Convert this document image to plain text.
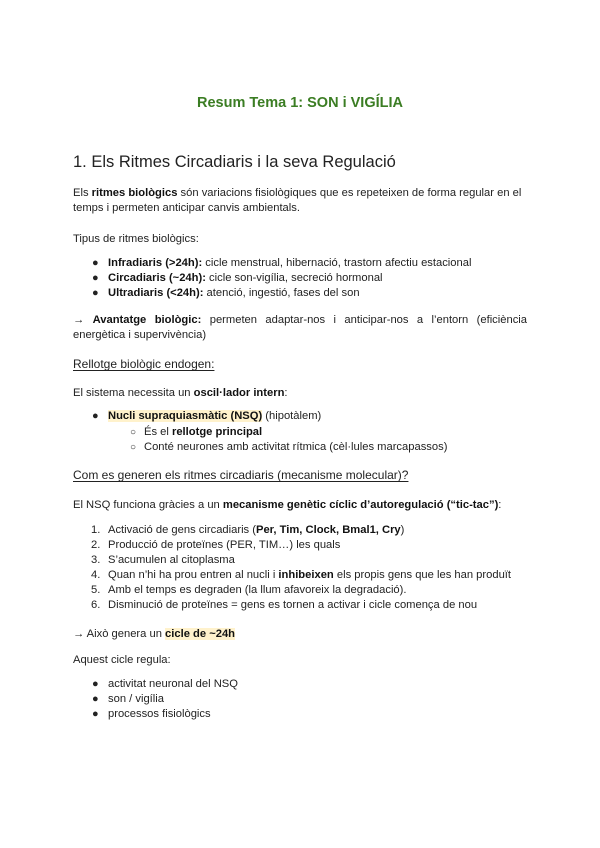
Resum Tema 1: SON i VIGÍLIA
1. Els Ritmes Circadiaris i la seva Regulació
Els ritmes biològics són variacions fisiològiques que es repeteixen de forma regular en el
temps i permeten anticipar canvis ambientals.
Tipus de ritmes biològics:
● Infradiaris (>24h): cicle menstrual, hibernació, trastorn afectiu estacional
● Circadiaris (~24h): cicle son-vigília, secreció hormonal
● Ultradiaris (<24h): atenció, ingestió, fases del son
→ Avantatge biològic: permeten adaptar-nos i anticipar-nos a l’entorn (eficiència energètica i supervivència)
Rellotge biològic endogen:
El sistema necessita un oscil·lador intern:
● Nucli supraquiasmàtic (NSQ) (hipotàlem)
○ És el rellotge principal
○ Conté neurones amb activitat rítmica (cèl·lules marcapassos)
Com es generen els ritmes circadiaris (mecanisme molecular)?
El NSQ funciona gràcies a un mecanisme genètic cíclic d’autoregulació (“tic-tac”):
1. Activació de gens circadiaris (Per, Tim, Clock, Bmal1, Cry)
2. Producció de proteïnes (PER, TIM…) les quals
3. S’acumulen al citoplasma
4. Quan n’hi ha prou entren al nucli i inhibeixen els propis gens que les han produït
5. Amb el temps es degraden (la llum afavoreix la degradació).
6. Disminució de proteïnes = gens es tornen a activar i cicle comença de nou
→ Això genera un cicle de ~24h
Aquest cicle regula:
● activitat neuronal del NSQ
● son / vigília
● processos fisiològics
